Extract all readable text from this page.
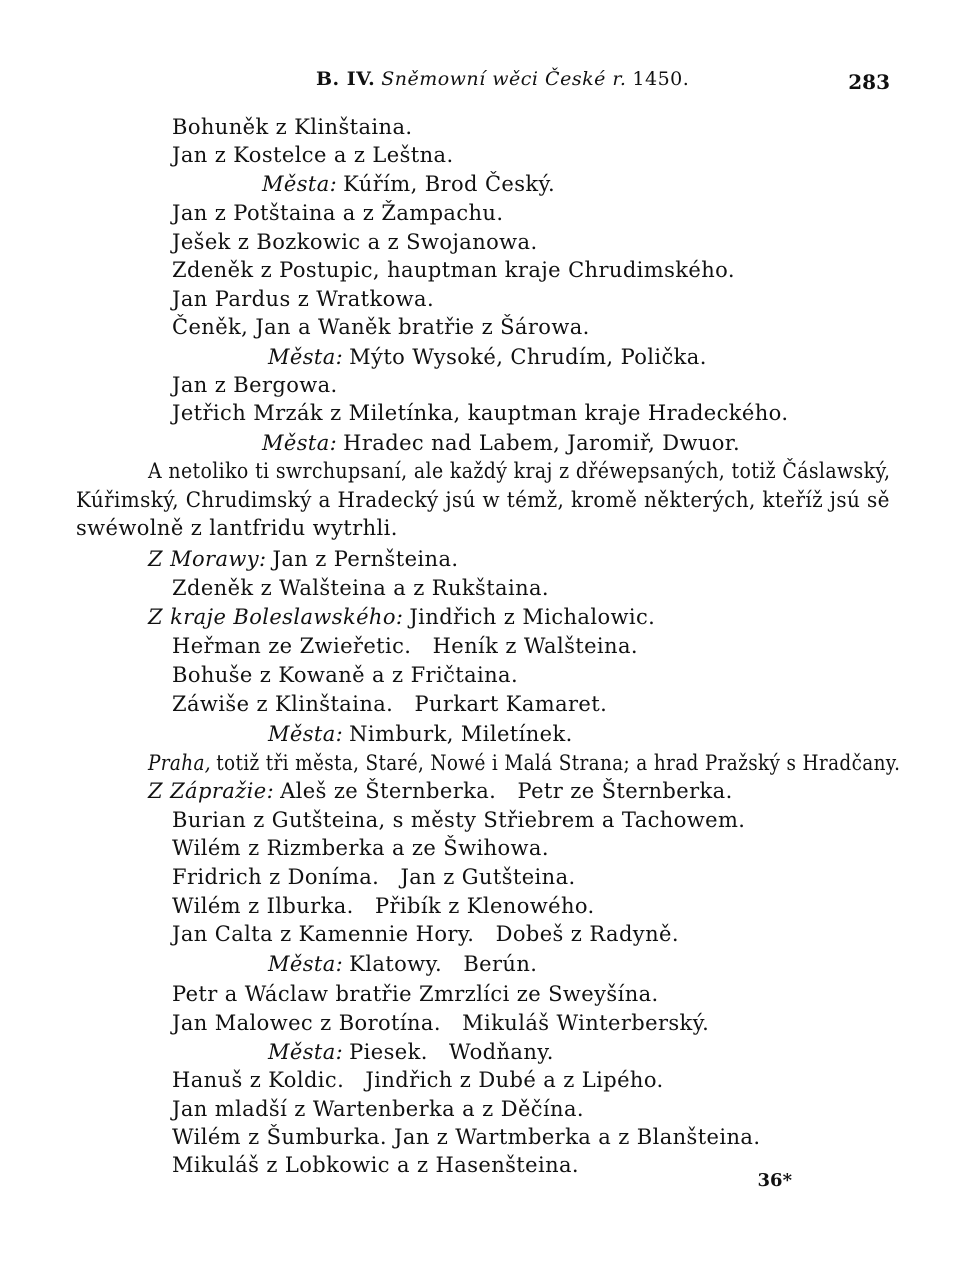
B. IV. Sněmowní wěci České r. 1450.	283
Bohuněk z Klinštaina.
Jan z Kostelce a z Leštna.
Města: Kúřím, Brod Český.
Jan z Potštaina a z Žampachu.
Ješek z Bozkowic a z Swojanowa.
Zdeněk z Postupic, hauptman kraje Chrudimského.
Jan Pardus z Wratkowa.
Čeněk, Jan a Waněk bratřie z Šárowa.
Města: Mýto Wysoké, Chrudím, Polička.
Jan z Bergowa.
Jetřich Mrzák z Miletínka, kauptman kraje Hradeckého.
Města: Hradec nad Labem, Jaromiř, Dwuor.
A netoliko ti swrchupsaní, ale každý kraj z dřéwepsaných, totiž Čáslawský,
Kúřimský, Chrudimský a Hradecký jsú w témž, kromě některých, kteříž jsú sě
swéwolně z lantfridu wytrhli.
Z Morawy: Jan z Pernšteina.
Zdeněk z Walšteina a z Rukštaina.
Z kraje Boleslawského: Jindřich z Michalowic.
Heřman ze Zwieřetic.   Heník z Walšteina.
Bohuše z Kowaně a z Fričtaina.
Záwiše z Klinštaina.   Purkart Kamaret.
Města: Nimburk, Miletínek.
Praha, totiž tři města, Staré, Nowé i Malá Strana; a hrad Pražský s Hradčany.
Z Zápražie: Aleš ze Šternberka.   Petr ze Šternberka.
Burian z Gutšteina, s městy Střiebrem a Tachowem.
Wilém z Rizmberka a ze Šwihowa.
Fridrich z Doníma.   Jan z Gutšteina.
Wilém z Ilburka.   Přibík z Klenowého.
Jan Calta z Kamennie Hory.   Dobeš z Radyně.
Města: Klatowy.   Berún.
Petr a Wáclaw bratřie Zmrzlíci ze Sweyšína.
Jan Malowec z Borotína.   Mikuláš Winterberský.
Města: Piesek.   Wodňany.
Hanuš z Koldic.   Jindřich z Dubé a z Lipého.
Jan mladší z Wartenberka a z Děčína.
Wilém z Šumburka. Jan z Wartmberka a z Blanšteina.
Mikuláš z Lobkowic a z Hasenšteina.
36*
